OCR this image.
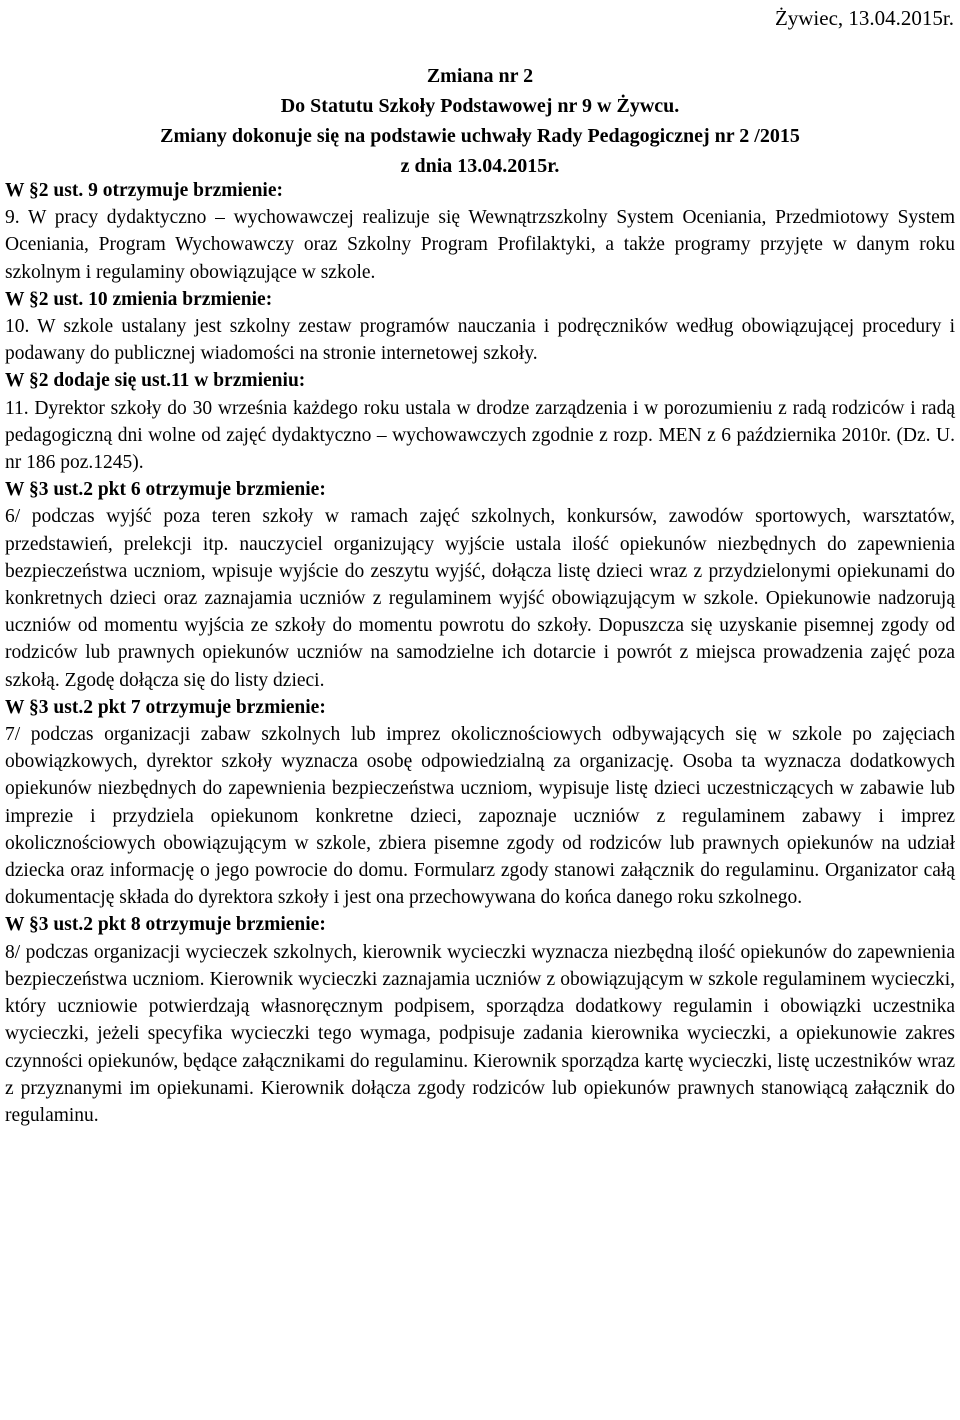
Żywiec, 13.04.2015r.
Zmiana nr 2
Do Statutu Szkoły Podstawowej nr 9 w Żywcu.
Zmiany dokonuje się na podstawie uchwały Rady Pedagogicznej nr 2 /2015
z dnia 13.04.2015r.
W §2 ust. 9 otrzymuje brzmienie:

9. W pracy dydaktyczno – wychowawczej realizuje się Wewnątrzszkolny System Oceniania, Przedmiotowy System Oceniania, Program Wychowawczy oraz Szkolny Program Profilaktyki, a także programy przyjęte w danym roku szkolnym i regulaminy obowiązujące w szkole.

W §2 ust. 10 zmienia brzmienie:

10. W szkole ustalany jest szkolny zestaw programów nauczania i podręczników według obowiązującej procedury i podawany do publicznej wiadomości na stronie internetowej szkoły.

W §2 dodaje się ust.11 w brzmieniu:

11. Dyrektor szkoły do 30 września każdego roku ustala w drodze zarządzenia i w porozumieniu z radą rodziców i radą pedagogiczną dni wolne od zajęć dydaktyczno – wychowawczych zgodnie z rozp. MEN z 6 października 2010r. (Dz. U. nr 186 poz.1245).

W §3 ust.2 pkt 6 otrzymuje brzmienie:

6/ podczas wyjść poza teren szkoły w ramach zajęć szkolnych, konkursów, zawodów sportowych, warsztatów, przedstawień, prelekcji itp. nauczyciel organizujący wyjście ustala ilość opiekunów niezbędnych do zapewnienia bezpieczeństwa uczniom, wpisuje wyjście do zeszytu wyjść, dołącza listę dzieci wraz z przydzielonymi opiekunami do konkretnych dzieci oraz zaznajamia uczniów z regulaminem wyjść obowiązującym w szkole. Opiekunowie nadzorują uczniów od momentu wyjścia ze szkoły do momentu powrotu do szkoły. Dopuszcza się uzyskanie pisemnej zgody od rodziców lub prawnych opiekunów uczniów na samodzielne ich dotarcie i powrót z miejsca prowadzenia zajęć poza szkołą. Zgodę dołącza się do listy dzieci.

W §3 ust.2 pkt 7 otrzymuje brzmienie:

7/ podczas organizacji zabaw szkolnych lub imprez okolicznościowych odbywających się w szkole po zajęciach obowiązkowych, dyrektor szkoły wyznacza osobę odpowiedzialną za organizację. Osoba ta wyznacza dodatkowych opiekunów niezbędnych do zapewnienia bezpieczeństwa uczniom, wypisuje listę dzieci uczestniczących w zabawie lub imprezie i przydziela opiekunom konkretne dzieci, zapoznaje uczniów z regulaminem zabawy i imprez okolicznościowych obowiązującym w szkole, zbiera pisemne zgody od rodziców lub prawnych opiekunów na udział dziecka oraz informację o jego powrocie do domu. Formularz zgody stanowi załącznik do regulaminu. Organizator całą dokumentację składa do dyrektora szkoły i jest ona przechowywana do końca danego roku szkolnego.

W §3 ust.2 pkt 8 otrzymuje brzmienie:

8/ podczas organizacji wycieczek szkolnych, kierownik wycieczki wyznacza niezbędną ilość opiekunów do zapewnienia bezpieczeństwa uczniom. Kierownik wycieczki zaznajamia uczniów z obowiązującym w szkole regulaminem wycieczki, który uczniowie potwierdzają własnoręcznym podpisem, sporządza dodatkowy regulamin i obowiązki uczestnika wycieczki, jeżeli specyfika wycieczki tego wymaga, podpisuje zadania kierownika wycieczki, a opiekunowie zakres czynności opiekunów, będące załącznikami do regulaminu. Kierownik sporządza kartę wycieczki, listę uczestników wraz z przyznanymi im opiekunami. Kierownik dołącza zgody rodziców lub opiekunów prawnych stanowiącą załącznik do regulaminu.
